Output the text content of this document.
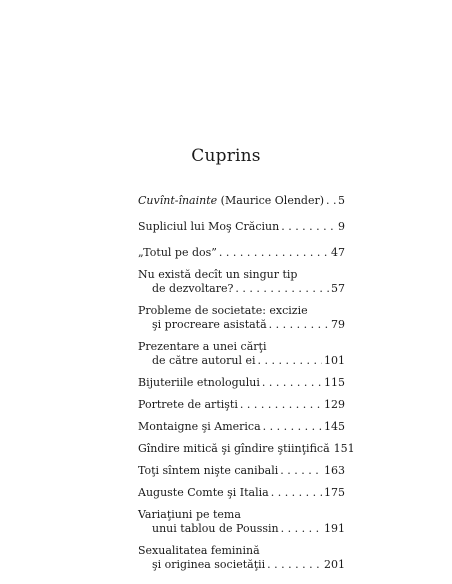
Cuprins
Cuvînt-înainte (Maurice Olender) . . . 5
Supliciul lui Moş Crăciun . . .	9
„Totul pe dos” . . .	47
Nu există decît un singur tip
de dezvoltare? . . .	57
Probleme de societate: excizie
şi procreare asistată . . .	79
Prezentare a unei cărţi
de către autorul ei . . .	101
Bijuteriile etnologului . . .	115
Portrete de artişti . . .	129
Montaigne şi America . . .	145
Gîndire mitică şi gîndire ştiinţifică 151
Toţi sîntem nişte canibali . . .	163
Auguste Comte şi Italia . . .	175
Variaţiuni pe tema
unui tablou de Poussin . . .	191
Sexualitatea feminină
şi originea societăţii . . .	201
